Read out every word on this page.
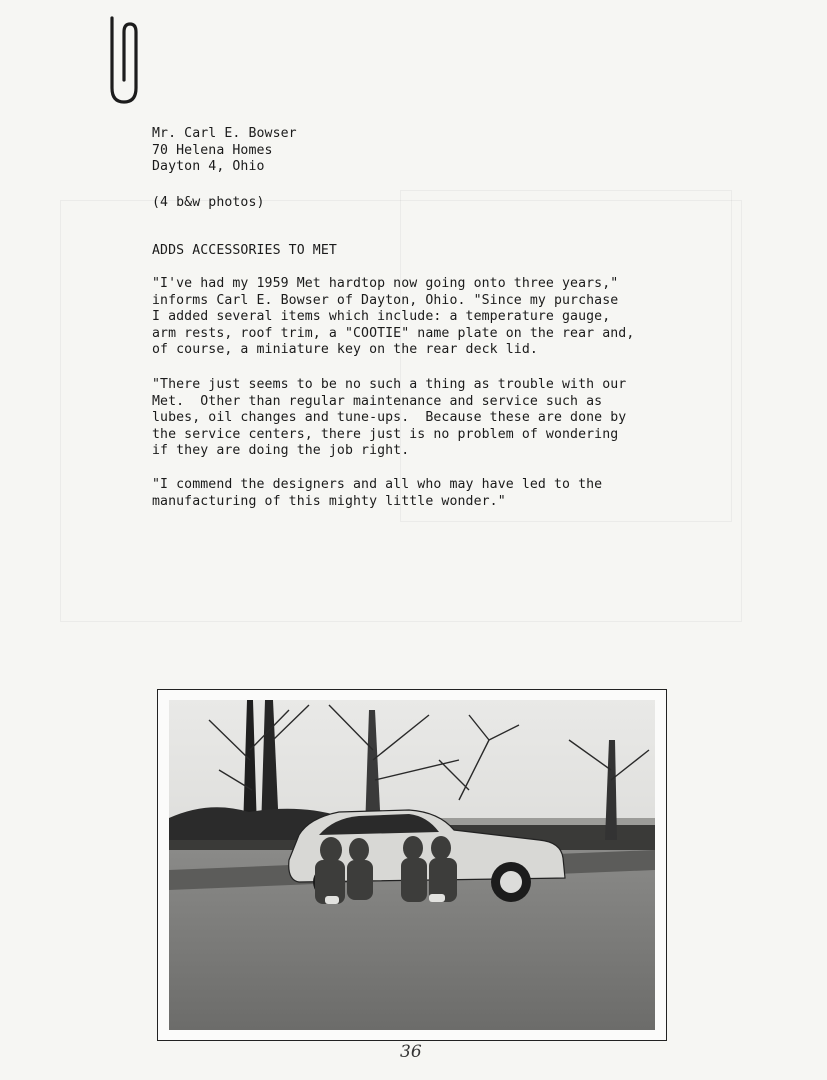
Mr. Carl E. Bowser
70 Helena Homes
Dayton 4, Ohio
(4 b&w photos)
ADDS ACCESSORIES TO MET
"I've had my 1959 Met hardtop now going onto three years,"
informs Carl E. Bowser of Dayton, Ohio. "Since my purchase
I added several items which include: a temperature gauge,
arm rests, roof trim, a "COOTIE" name plate on the rear and,
of course, a miniature key on the rear deck lid.
"There just seems to be no such a thing as trouble with our
Met.  Other than regular maintenance and service such as
lubes, oil changes and tune-ups.  Because these are done by
the service centers, there just is no problem of wondering
if they are doing the job right.
"I commend the designers and all who may have led to the
manufacturing of this mighty little wonder."
36
